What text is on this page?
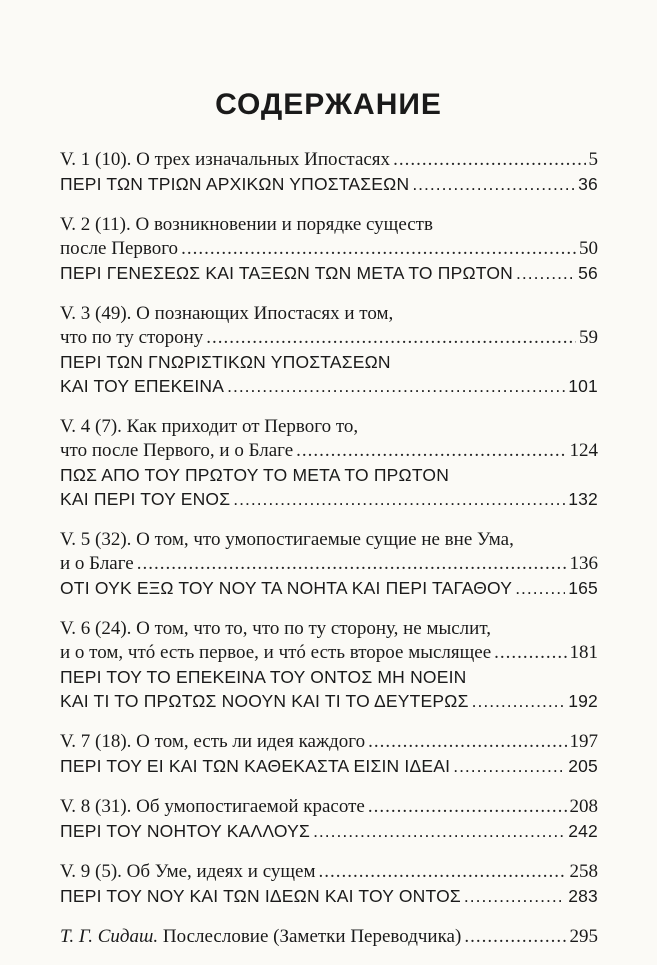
СОДЕРЖАНИЕ
V. 1 (10). О трех изначальных Ипостасях .....	5
ΠΕΡΙ ΤΩΝ ΤΡΙΩΝ ΑΡΧΙΚΩΝ ΥΠΟΣΤΑΣΕΩΝ .....	36
V. 2 (11). О возникновении и порядке существ
после Первого .....	50
ΠΕΡΙ ΓΕΝΕΣΕΩΣ ΚΑΙ ΤΑΞΕΩΝ ΤΩΝ ΜΕΤΑ ΤΟ ΠΡΩΤΟΝ .....	56
V. 3 (49). О познающих Ипостасях и том,
что по ту сторону .....	59
ΠΕΡΙ ΤΩΝ ΓΝΩΡΙΣΤΙΚΩΝ ΥΠΟΣΤΑΣΕΩΝ
ΚΑΙ ΤΟΥ ΕΠΕΚΕΙΝΑ .....	101
V. 4 (7). Как приходит от Первого то,
что после Первого, и о Благе .....	124
ΠΩΣ ΑΠΟ ΤΟΥ ΠΡΩΤΟΥ ΤΟ ΜΕΤΑ ΤΟ ΠΡΩΤΟΝ
ΚΑΙ ΠΕΡΙ ΤΟΥ ΕΝΟΣ .....	132
V. 5 (32). О том, что умопостигаемые сущие не вне Ума,
и о Благе .....	136
ΟΤΙ ΟΥΚ ΕΞΩ ΤΟΥ ΝΟΥ ΤΑ ΝΟΗΤΑ ΚΑΙ ΠΕΡΙ ΤΑΓΑΘΟΥ .....	165
V. 6 (24). О том, что то, что по ту сторону, не мыслит,
и о том, чтó есть первое, и чтó есть второе мыслящее .....	181
ΠΕΡΙ ΤΟΥ ΤΟ ΕΠΕΚΕΙΝΑ ΤΟΥ ΟΝΤΟΣ ΜΗ ΝΟΕΙΝ
ΚΑΙ ΤΙ ΤΟ ΠΡΩΤΩΣ ΝΟΟΥΝ ΚΑΙ ΤΙ ΤΟ ΔΕΥΤΕΡΩΣ .....	192
V. 7 (18). О том, есть ли идея каждого .....	197
ΠΕΡΙ ΤΟΥ ΕΙ ΚΑΙ ΤΩΝ ΚΑΘΕΚΑΣΤΑ ΕΙΣΙΝ ΙΔΕΑΙ .....	205
V. 8 (31). Об умопостигаемой красоте .....	208
ΠΕΡΙ ΤΟΥ ΝΟΗΤΟΥ ΚΑΛΛΟΥΣ .....	242
V. 9 (5). Об Уме, идеях и сущем .....	258
ΠΕΡΙ ΤΟΥ ΝΟΥ ΚΑΙ ΤΩΝ ΙΔΕΩΝ ΚΑΙ ΤΟΥ ΟΝΤΟΣ .....	283
Т. Г. Сидаш. Послесловие (Заметки Переводчика) .....	295
